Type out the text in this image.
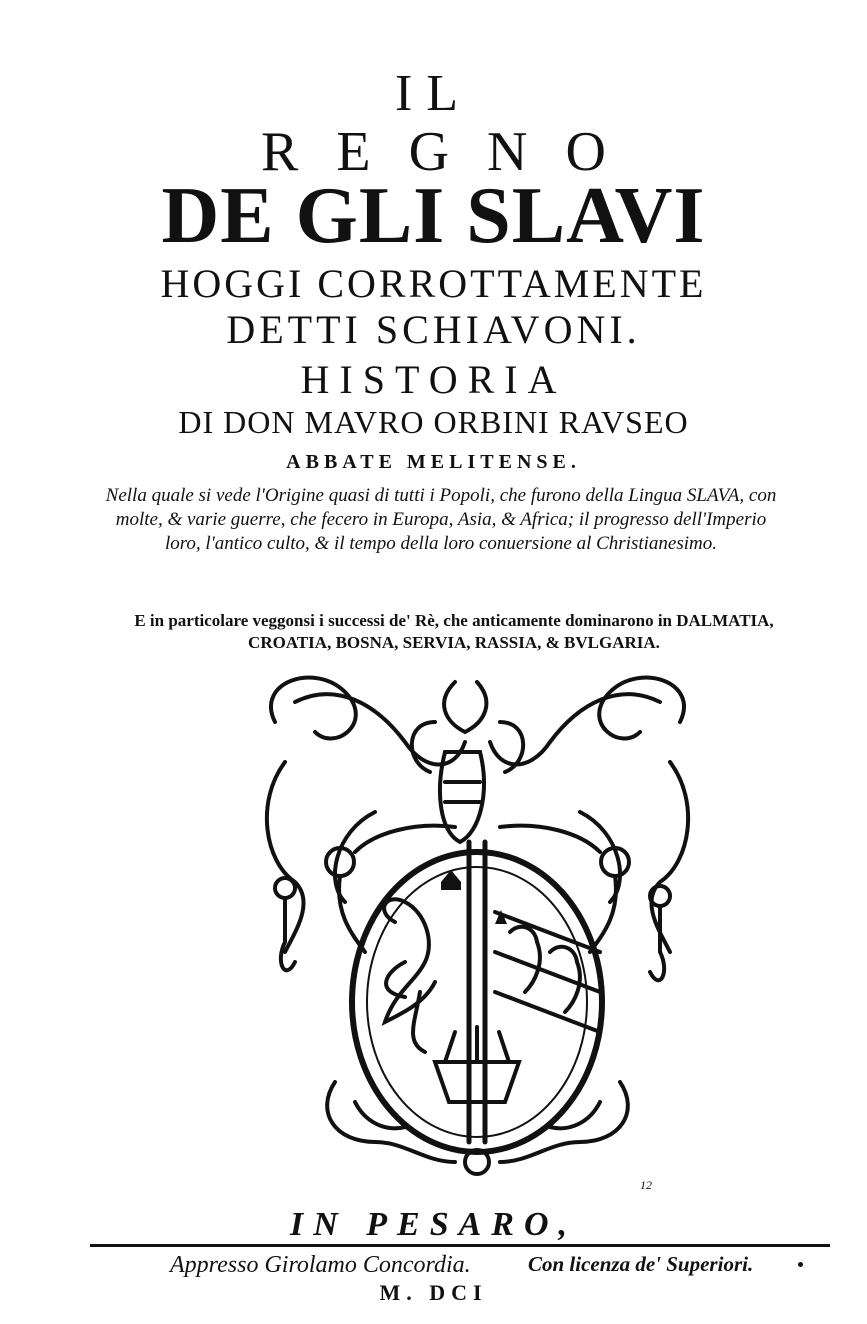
IL
REGNO
DE GLI SLAVI
HOGGI CORROTTAMENTE
DETTI SCHIAVONI.
HISTORIA
DI DON MAVRO ORBINI RAVSEO
ABBATE MELITENSE.
Nella quale si vede l'Origine quasi di tutti i Popoli, che furono della Lingua SLAVA, con molte, & varie guerre, che fecero in Europa, Asia, & Africa; il progresso dell'Imperio loro, l'antico culto, & il tempo della loro conuersione al Christianesimo.
E in particolare veggonsi i successi de' Rè, che anticamente dominarono in DALMATIA, CROATIA, BOSNA, SERVIA, RASSIA, & BVLGARIA.
12
IN PESARO,
Appresso Girolamo Concordia.	Con licenza de' Superiori.
M. DCI
